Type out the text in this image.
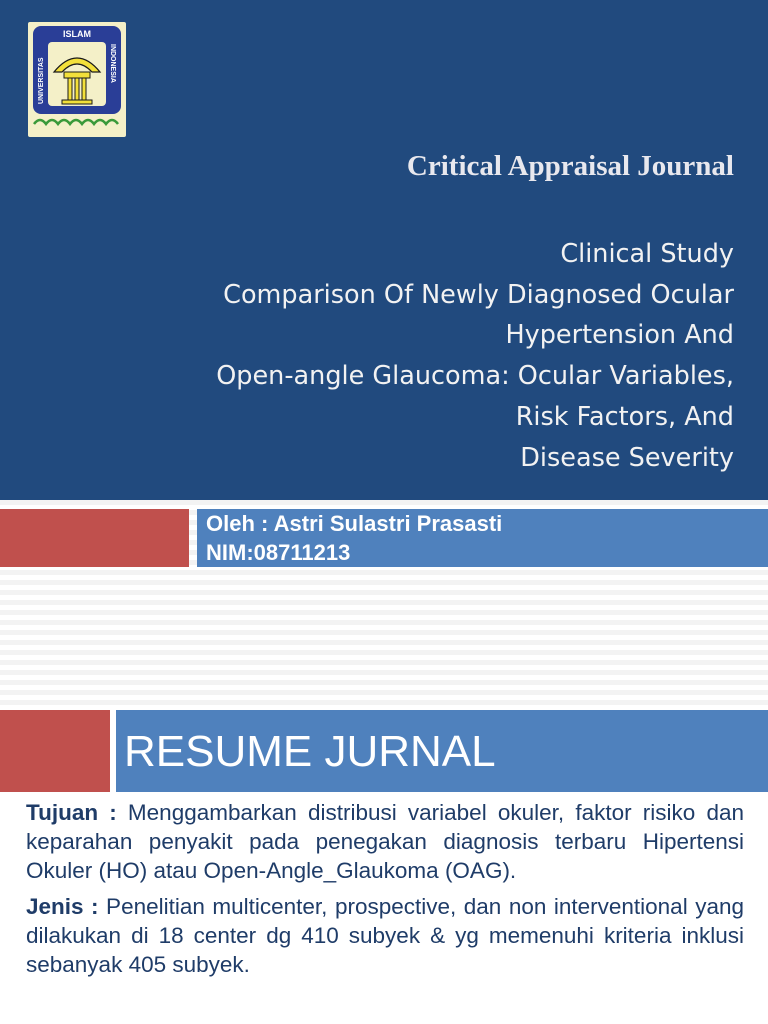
ISLAM
UNIVERSITAS	INDONESIA
Critical Appraisal Journal
Clinical Study
Comparison Of Newly Diagnosed Ocular
Hypertension And
Open-angle Glaucoma: Ocular Variables,
Risk Factors, And
Disease Severity
Oleh : Astri Sulastri Prasasti
NIM:08711213
RESUME JURNAL

Tujuan : Menggambarkan distribusi variabel okuler, faktor risiko dan keparahan penyakit pada penegakan diagnosis terbaru Hipertensi Okuler (HO) atau Open-Angle_Glaukoma (OAG).

Jenis : Penelitian multicenter, prospective, dan non interventional yang dilakukan di 18 center dg 410 subyek & yg memenuhi kriteria inklusi sebanyak 405 subyek.
